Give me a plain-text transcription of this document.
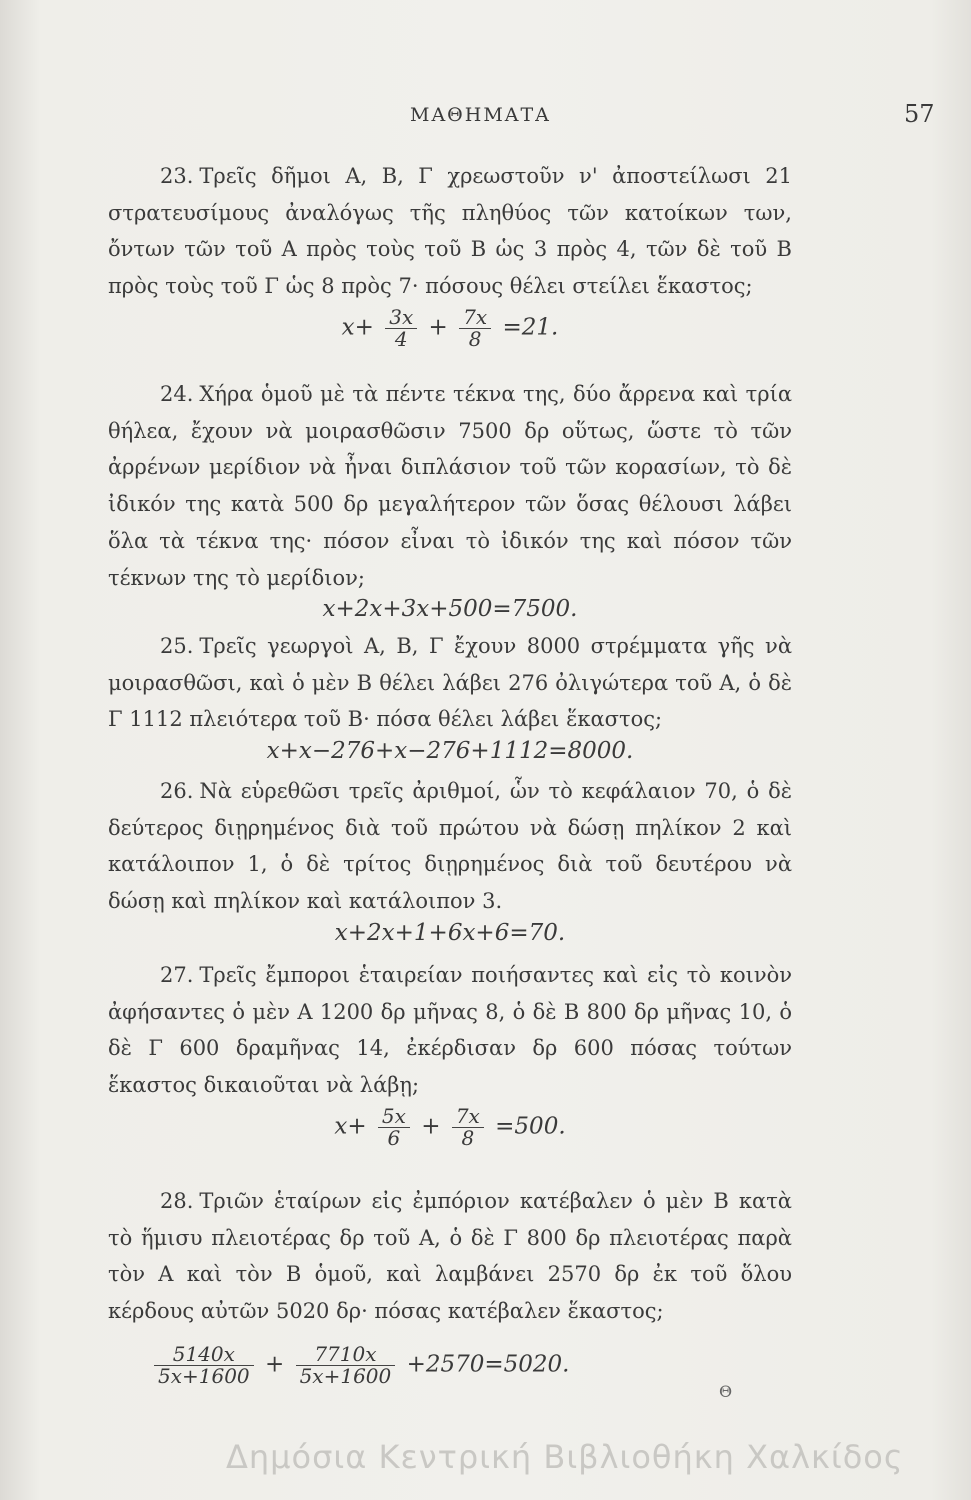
ΜΑΘΗΜΑΤΑ	57

23. Τρεῖς δῆμοι Α, Β, Γ χρεωστοῦν ν' ἀποστείλωσι 21 στρατευσίμους ἀναλόγως τῆς πληθύος τῶν κατοίκων των, ὄντων τῶν τοῦ Α πρὸς τοὺς τοῦ Β ὡς 3 πρὸς 4, τῶν δὲ τοῦ Β πρὸς τοὺς τοῦ Γ ὡς 8 πρὸς 7· πόσους θέλει στείλει ἕκαστος;

$x+ \frac{3x}{4} + \frac{7x}{8} =21$.

24. Χήρα ὁμοῦ μὲ τὰ πέντε τέκνα της, δύο ἄρρενα καὶ τρία θήλεα, ἔχουν νὰ μοιρασθῶσιν 7500 δρ οὕτως, ὥστε τὸ τῶν ἀρρένων μερίδιον νὰ ἦναι διπλάσιον τοῦ τῶν κορασίων, τὸ δὲ ἰδικόν της κατὰ 500 δρ μεγαλήτερον τῶν ὅσας θέλουσι λάβει ὅλα τὰ τέκνα της· πόσον εἶναι τὸ ἰδικόν της καὶ πόσον τῶν τέκνων της τὸ μερίδιον;

x+2x+3x+500=7500.

25. Τρεῖς γεωργοὶ Α, Β, Γ ἔχουν 8000 στρέμματα γῆς νὰ μοιρασθῶσι, καὶ ὁ μὲν Β θέλει λάβει 276 ὀλιγώτερα τοῦ Α, ὁ δὲ Γ 1112 πλειότερα τοῦ Β· πόσα θέλει λάβει ἕκαστος;

x+x−276+x−276+1112=8000.

26. Νὰ εὑρεθῶσι τρεῖς ἀριθμοί, ὧν τὸ κεφάλαιον 70, ὁ δὲ δεύτερος διῃρημένος διὰ τοῦ πρώτου νὰ δώσῃ πηλίκον 2 καὶ κατάλοιπον 1, ὁ δὲ τρίτος διῃρημένος διὰ τοῦ δευτέρου νὰ δώσῃ καὶ πηλίκον καὶ κατάλοιπον 3.

x+2x+1+6x+6=70.

27. Τρεῖς ἔμποροι ἑταιρείαν ποιήσαντες καὶ εἰς τὸ κοινὸν ἀφήσαντες ὁ μὲν Α 1200 δρ μῆνας 8, ὁ δὲ Β 800 δρ μῆνας 10, ὁ δὲ Γ 600 δραμῆνας 14, ἐκέρδισαν δρ 600 πόσας τούτων ἕκαστος δικαιοῦται νὰ λάβῃ;

$x+ \frac{5x}{6} + \frac{7x}{8} =500$.

28. Τριῶν ἑταίρων εἰς ἐμπόριον κατέβαλεν ὁ μὲν Β κατὰ τὸ ἥμισυ πλειοτέρας δρ τοῦ Α, ὁ δὲ Γ 800 δρ πλειοτέρας παρὰ τὸν Α καὶ τὸν Β ὁμοῦ, καὶ λαμβάνει 2570 δρ ἐκ τοῦ ὅλου κέρδους αὐτῶν 5020 δρ· πόσας κατέβαλεν ἕκαστος;

$\frac{5140x}{5x+1600} + \frac{7710x}{5x+1600} +2570=5020$.

Θ
Δημόσια Κεντρική Βιβλιοθήκη Χαλκίδος
